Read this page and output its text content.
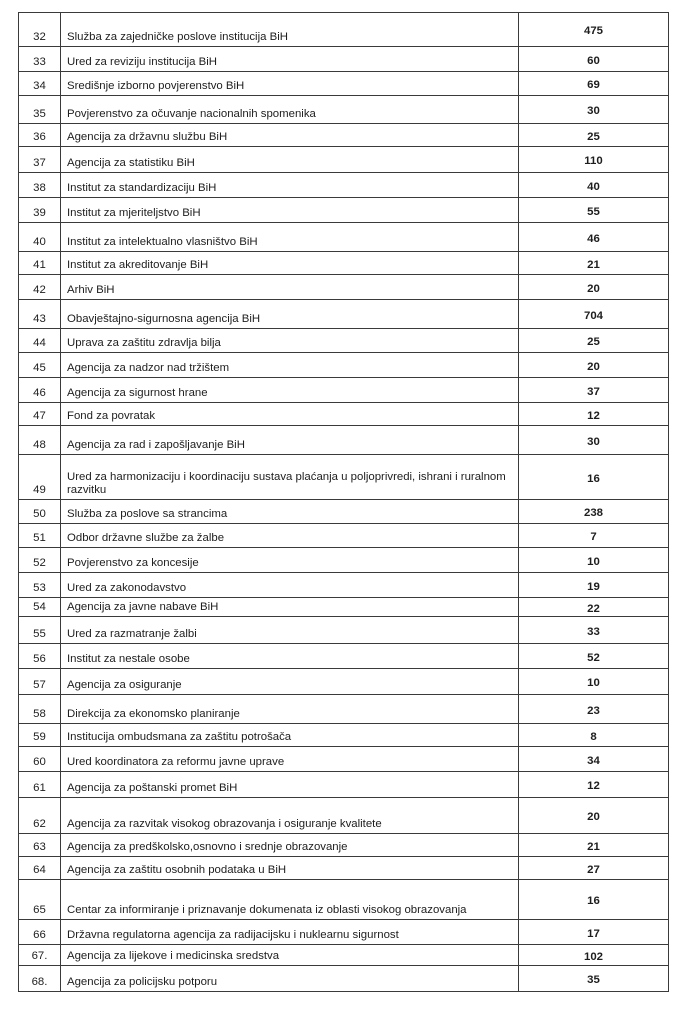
32	Služba za zajedničke poslove institucija BiH	475
33	Ured za reviziju institucija BiH	60
34	Središnje izborno povjerenstvo BiH	69
35	Povjerenstvo za očuvanje nacionalnih spomenika	30
36	Agencija za državnu službu BiH	25
37	Agencija za statistiku BiH	110
38	Institut za standardizaciju BiH	40
39	Institut za mjeriteljstvo BiH	55
40	Institut za intelektualno vlasništvo BiH	46
41	Institut za akreditovanje BiH	21
42	Arhiv BiH	20
43	Obavještajno-sigurnosna agencija BiH	704
44	Uprava za zaštitu zdravlja bilja	25
45	Agencija za nadzor nad tržištem	20
46	Agencija za sigurnost hrane	37
47	Fond za povratak	12
48	Agencija za rad i zapošljavanje BiH	30
49	Ured za harmonizaciju i koordinaciju sustava plaćanja u poljoprivredi, ishrani i ruralnom razvitku	16
50	Služba za poslove sa strancima	238
51	Odbor državne službe za žalbe	7
52	Povjerenstvo za koncesije	10
53	Ured za zakonodavstvo	19
54	Agencija za javne nabave BiH	22
55	Ured za razmatranje žalbi	33
56	Institut za nestale osobe	52
57	Agencija za osiguranje	10
58	Direkcija za ekonomsko planiranje	23
59	Institucija ombudsmana za zaštitu potrošača	8
60	Ured koordinatora za reformu javne uprave	34
61	Agencija za poštanski promet BiH	12
62	Agencija za razvitak visokog obrazovanja i osiguranje kvalitete	20
63	Agencija za predškolsko,osnovno i srednje obrazovanje	21
64	Agencija za zaštitu osobnih podataka u BiH	27
65	Centar za informiranje i priznavanje dokumenata iz oblasti visokog obrazovanja	16
66	Državna regulatorna agencija za radijacijsku i nuklearnu sigurnost	17
67.	Agencija za lijekove i medicinska sredstva	102
68.	Agencija za policijsku potporu	35
